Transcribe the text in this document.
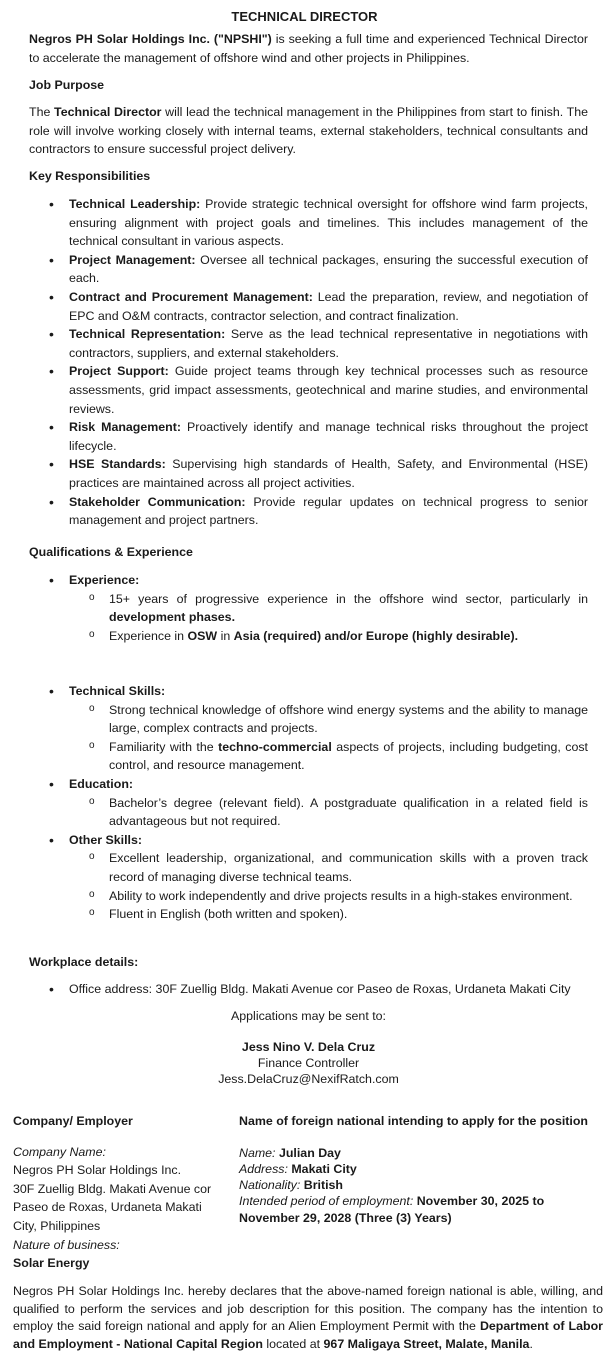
TECHNICAL DIRECTOR
Negros PH Solar Holdings Inc. ("NPSHI") is seeking a full time and experienced Technical Director to accelerate the management of offshore wind and other projects in Philippines.
Job Purpose
The Technical Director will lead the technical management in the Philippines from start to finish. The role will involve working closely with internal teams, external stakeholders, technical consultants and contractors to ensure successful project delivery.
Key Responsibilities
• Technical Leadership: Provide strategic technical oversight for offshore wind farm projects, ensuring alignment with project goals and timelines. This includes management of the technical consultant in various aspects.
• Project Management: Oversee all technical packages, ensuring the successful execution of each.
• Contract and Procurement Management: Lead the preparation, review, and negotiation of EPC and O&M contracts, contractor selection, and contract finalization.
• Technical Representation: Serve as the lead technical representative in negotiations with contractors, suppliers, and external stakeholders.
• Project Support: Guide project teams through key technical processes such as resource assessments, grid impact assessments, geotechnical and marine studies, and environmental reviews.
• Risk Management: Proactively identify and manage technical risks throughout the project lifecycle.
• HSE Standards: Supervising high standards of Health, Safety, and Environmental (HSE) practices are maintained across all project activities.
• Stakeholder Communication: Provide regular updates on technical progress to senior management and project partners.
Qualifications & Experience
• Experience:
o 15+ years of progressive experience in the offshore wind sector, particularly in development phases.
o Experience in OSW in Asia (required) and/or Europe (highly desirable).
• Technical Skills:
o Strong technical knowledge of offshore wind energy systems and the ability to manage large, complex contracts and projects.
o Familiarity with the techno-commercial aspects of projects, including budgeting, cost control, and resource management.
• Education:
o Bachelor’s degree (relevant field). A postgraduate qualification in a related field is advantageous but not required.
• Other Skills:
o Excellent leadership, organizational, and communication skills with a proven track record of managing diverse technical teams.
o Ability to work independently and drive projects results in a high-stakes environment.
o Fluent in English (both written and spoken).
Workplace details:
• Office address: 30F Zuellig Bldg. Makati Avenue cor Paseo de Roxas, Urdaneta Makati City
Applications may be sent to:
Jess Nino V. Dela Cruz
Finance Controller
Jess.DelaCruz@NexifRatch.com
Company/ Employer
Company Name:
Negros PH Solar Holdings Inc.
30F Zuellig Bldg. Makati Avenue cor Paseo de Roxas, Urdaneta Makati City, Philippines
Nature of business:
Solar Energy
Name of foreign national intending to apply for the position
Name: Julian Day
Address: Makati City
Nationality: British
Intended period of employment: November 30, 2025 to November 29, 2028 (Three (3) Years)
Negros PH Solar Holdings Inc. hereby declares that the above-named foreign national is able, willing, and qualified to perform the services and job description for this position. The company has the intention to employ the said foreign national and apply for an Alien Employment Permit with the Department of Labor and Employment - National Capital Region located at 967 Maligaya Street, Malate, Manila.
